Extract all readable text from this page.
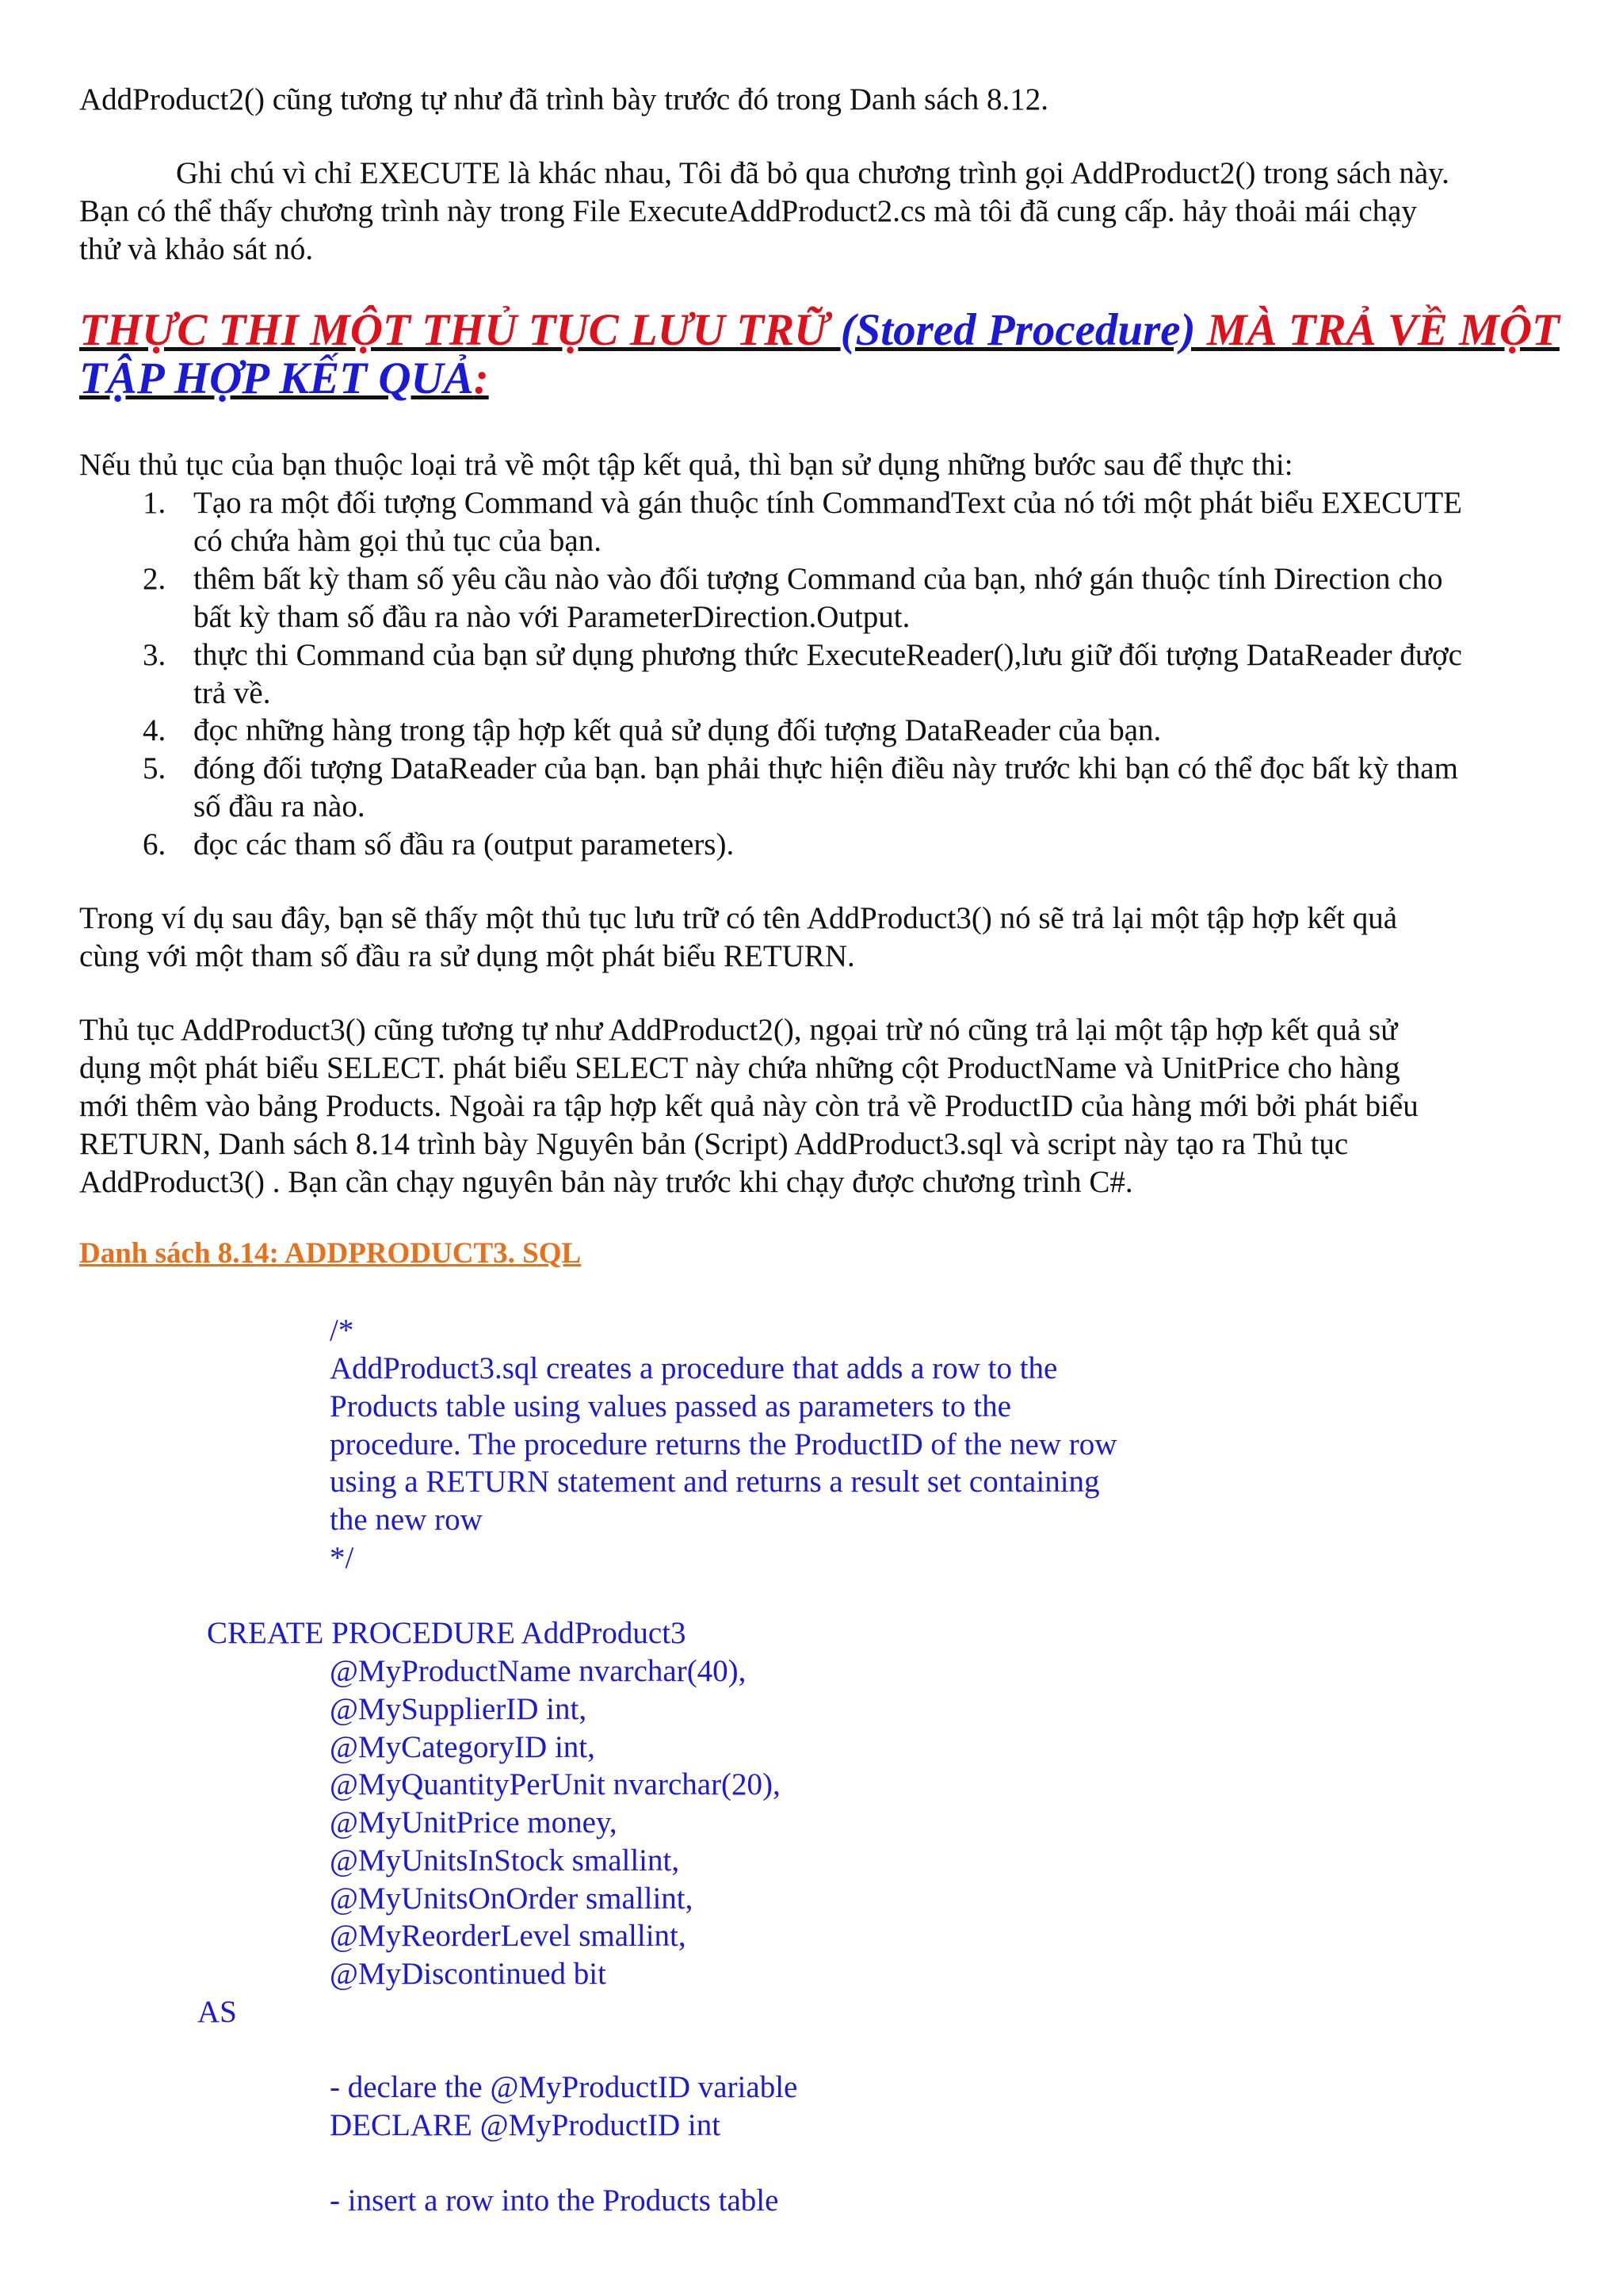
AddProduct2() cũng tương tự như đã trình bày trước đó trong Danh sách 8.12.
Ghi chú vì chỉ EXECUTE là khác nhau, Tôi đã bỏ qua chương trình gọi AddProduct2() trong sách này.
Bạn có thể thấy chương trình này trong File ExecuteAddProduct2.cs mà tôi đã cung cấp. hảy thoải mái chạy
thử và khảo sát nó.
THỰC THI MỘT THỦ TỤC LƯU TRỮ (Stored Procedure) MÀ TRẢ VỀ MỘT
TẬP HỢP KẾT QUẢ:
Nếu thủ tục của bạn thuộc loại trả về một tập kết quả, thì bạn sử dụng những bước sau để thực thi:
1. Tạo ra một đối tượng Command và gán thuộc tính CommandText của nó tới một phát biểu EXECUTE
có chứa hàm gọi thủ tục của bạn.
2. thêm bất kỳ tham số yêu cầu nào vào đối tượng Command của bạn, nhớ gán thuộc tính Direction cho
bất kỳ tham số đầu ra nào với ParameterDirection.Output.
3. thực thi Command của bạn sử dụng phương thức ExecuteReader(),lưu giữ đối tượng DataReader được
trả về.
4. đọc những hàng trong tập hợp kết quả sử dụng đối tượng DataReader của bạn.
5. đóng đối tượng DataReader của bạn. bạn phải thực hiện điều này trước khi bạn có thể đọc bất kỳ tham
số đầu ra nào.
6. đọc các tham số đầu ra (output parameters).
Trong ví dụ sau đây, bạn sẽ thấy một thủ tục lưu trữ có tên AddProduct3() nó sẽ trả lại một tập hợp kết quả
cùng với một tham số đầu ra sử dụng một phát biểu RETURN.
Thủ tục AddProduct3() cũng tương tự như AddProduct2(), ngọai trừ nó cũng trả lại một tập hợp kết quả sử
dụng một phát biểu SELECT. phát biểu SELECT này chứa những cột ProductName và UnitPrice cho hàng
mới thêm vào bảng Products. Ngoài ra tập hợp kết quả này còn trả về ProductID của hàng mới bởi phát biểu
RETURN, Danh sách 8.14 trình bày Nguyên bản (Script) AddProduct3.sql và script này tạo ra Thủ tục
AddProduct3() . Bạn cần chạy nguyên bản này trước khi chạy được chương trình C#.
Danh sách 8.14: ADDPRODUCT3. SQL
/*
AddProduct3.sql creates a procedure that adds a row to the
Products table using values passed as parameters to the
procedure. The procedure returns the ProductID of the new row
using a RETURN statement and returns a result set containing
the new row
*/
CREATE PROCEDURE AddProduct3
@MyProductName nvarchar(40),
@MySupplierID int,
@MyCategoryID int,
@MyQuantityPerUnit nvarchar(20),
@MyUnitPrice money,
@MyUnitsInStock smallint,
@MyUnitsOnOrder smallint,
@MyReorderLevel smallint,
@MyDiscontinued bit
AS
- declare the @MyProductID variable
DECLARE @MyProductID int
- insert a row into the Products table
